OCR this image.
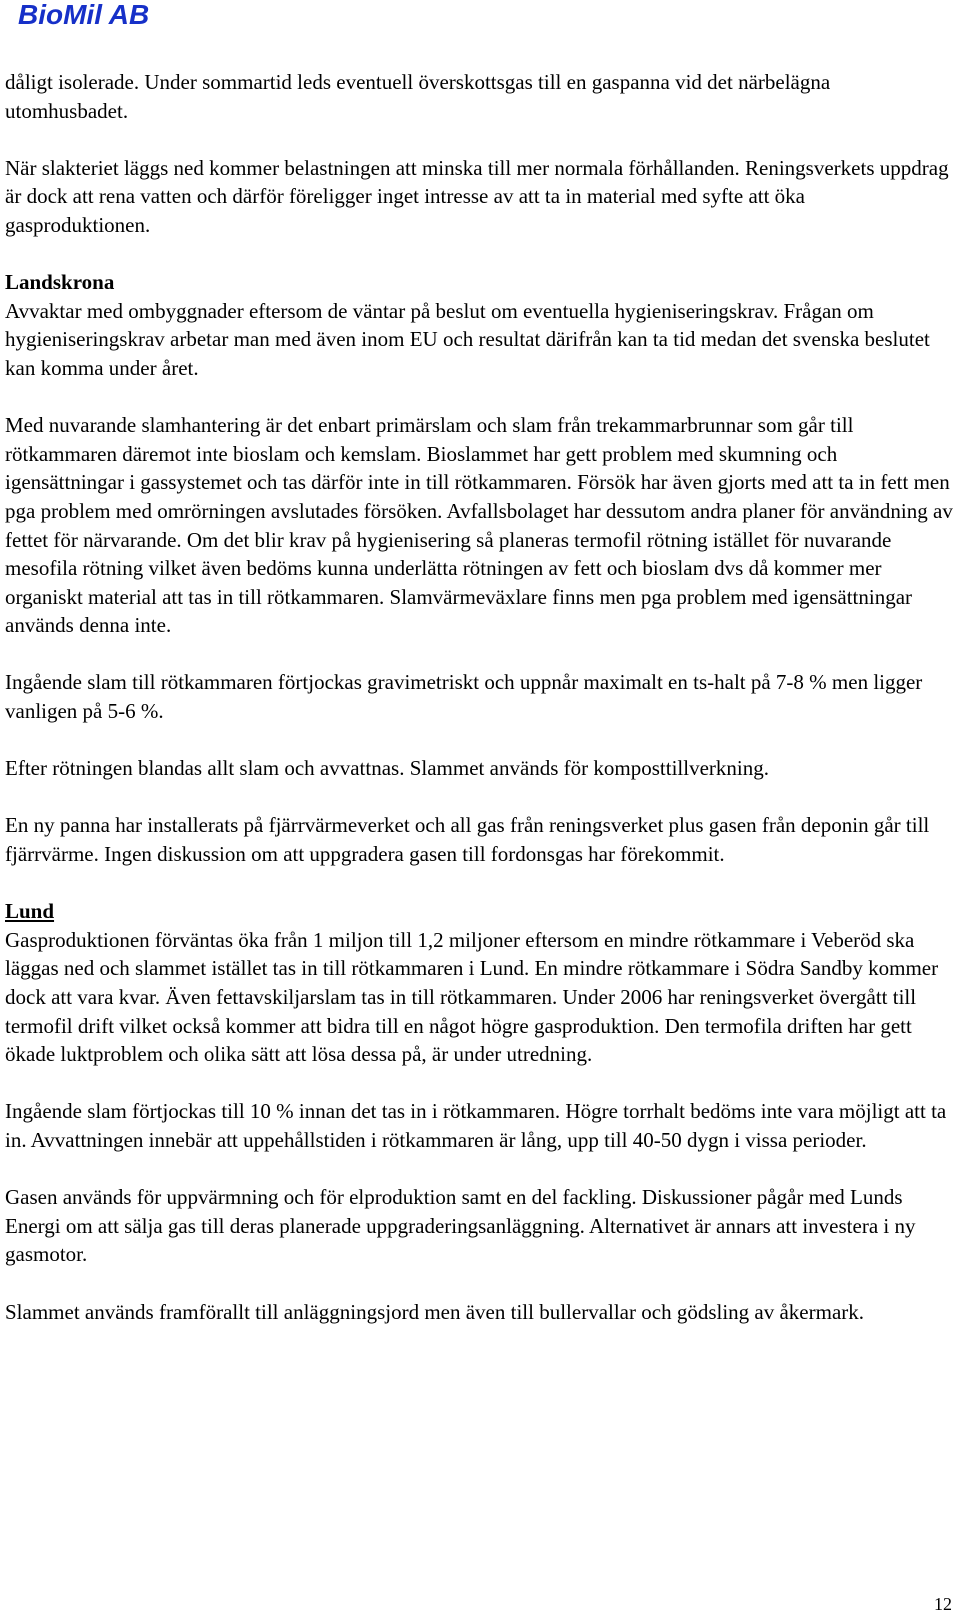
BioMil AB

dåligt isolerade. Under sommartid leds eventuell överskottsgas till en gaspanna vid det närbelägna utomhusbadet.

När slakteriet läggs ned kommer belastningen att minska till mer normala förhållanden. Reningsverkets uppdrag är dock att rena vatten och därför föreligger inget intresse av att ta in material med syfte att öka gasproduktionen.

Landskrona

Avvaktar med ombyggnader eftersom de väntar på beslut om eventuella hygieniseringskrav. Frågan om hygieniseringskrav arbetar man med även inom EU och resultat därifrån kan ta tid medan det svenska beslutet kan komma under året.

Med nuvarande slamhantering är det enbart primärslam och slam från trekammarbrunnar som går till rötkammaren däremot inte bioslam och kemslam. Bioslammet har gett problem med skumning och igensättningar i gassystemet och tas därför inte in till rötkammaren. Försök har även gjorts med att ta in fett men pga problem med omrörningen avslutades försöken. Avfallsbolaget har dessutom andra planer för användning av fettet för närvarande. Om det blir krav på hygienisering så planeras termofil rötning istället för nuvarande mesofila rötning vilket även bedöms kunna underlätta rötningen av fett och bioslam dvs då kommer mer organiskt material att tas in till rötkammaren. Slamvärmeväxlare finns men pga problem med igensättningar används denna inte.

Ingående slam till rötkammaren förtjockas gravimetriskt och uppnår maximalt en ts-halt på 7-8 % men ligger vanligen på 5-6 %.

Efter rötningen blandas allt slam och avvattnas. Slammet används för komposttillverkning.

En ny panna har installerats på fjärrvärmeverket och all gas från reningsverket plus gasen från deponin går till fjärrvärme. Ingen diskussion om att uppgradera gasen till fordonsgas har förekommit.

Lund

Gasproduktionen förväntas öka från 1 miljon till 1,2 miljoner eftersom en mindre rötkammare i Veberöd ska läggas ned och slammet istället tas in till rötkammaren i Lund. En mindre rötkammare i Södra Sandby kommer dock att vara kvar. Även fettavskiljarslam tas in till rötkammaren. Under 2006 har reningsverket övergått till termofil drift vilket också kommer att bidra till en något högre gasproduktion. Den termofila driften har gett ökade luktproblem och olika sätt att lösa dessa på, är under utredning.

Ingående slam förtjockas till 10 % innan det tas in i rötkammaren. Högre torrhalt bedöms inte vara möjligt att ta in. Avvattningen innebär att uppehållstiden i rötkammaren är lång, upp till 40-50 dygn i vissa perioder.

Gasen används för uppvärmning och för elproduktion samt en del fackling. Diskussioner pågår med Lunds Energi om att sälja gas till deras planerade uppgraderingsanläggning. Alternativet är annars att investera i ny gasmotor.

Slammet används framförallt till anläggningsjord men även till bullervallar och gödsling av åkermark.

12
